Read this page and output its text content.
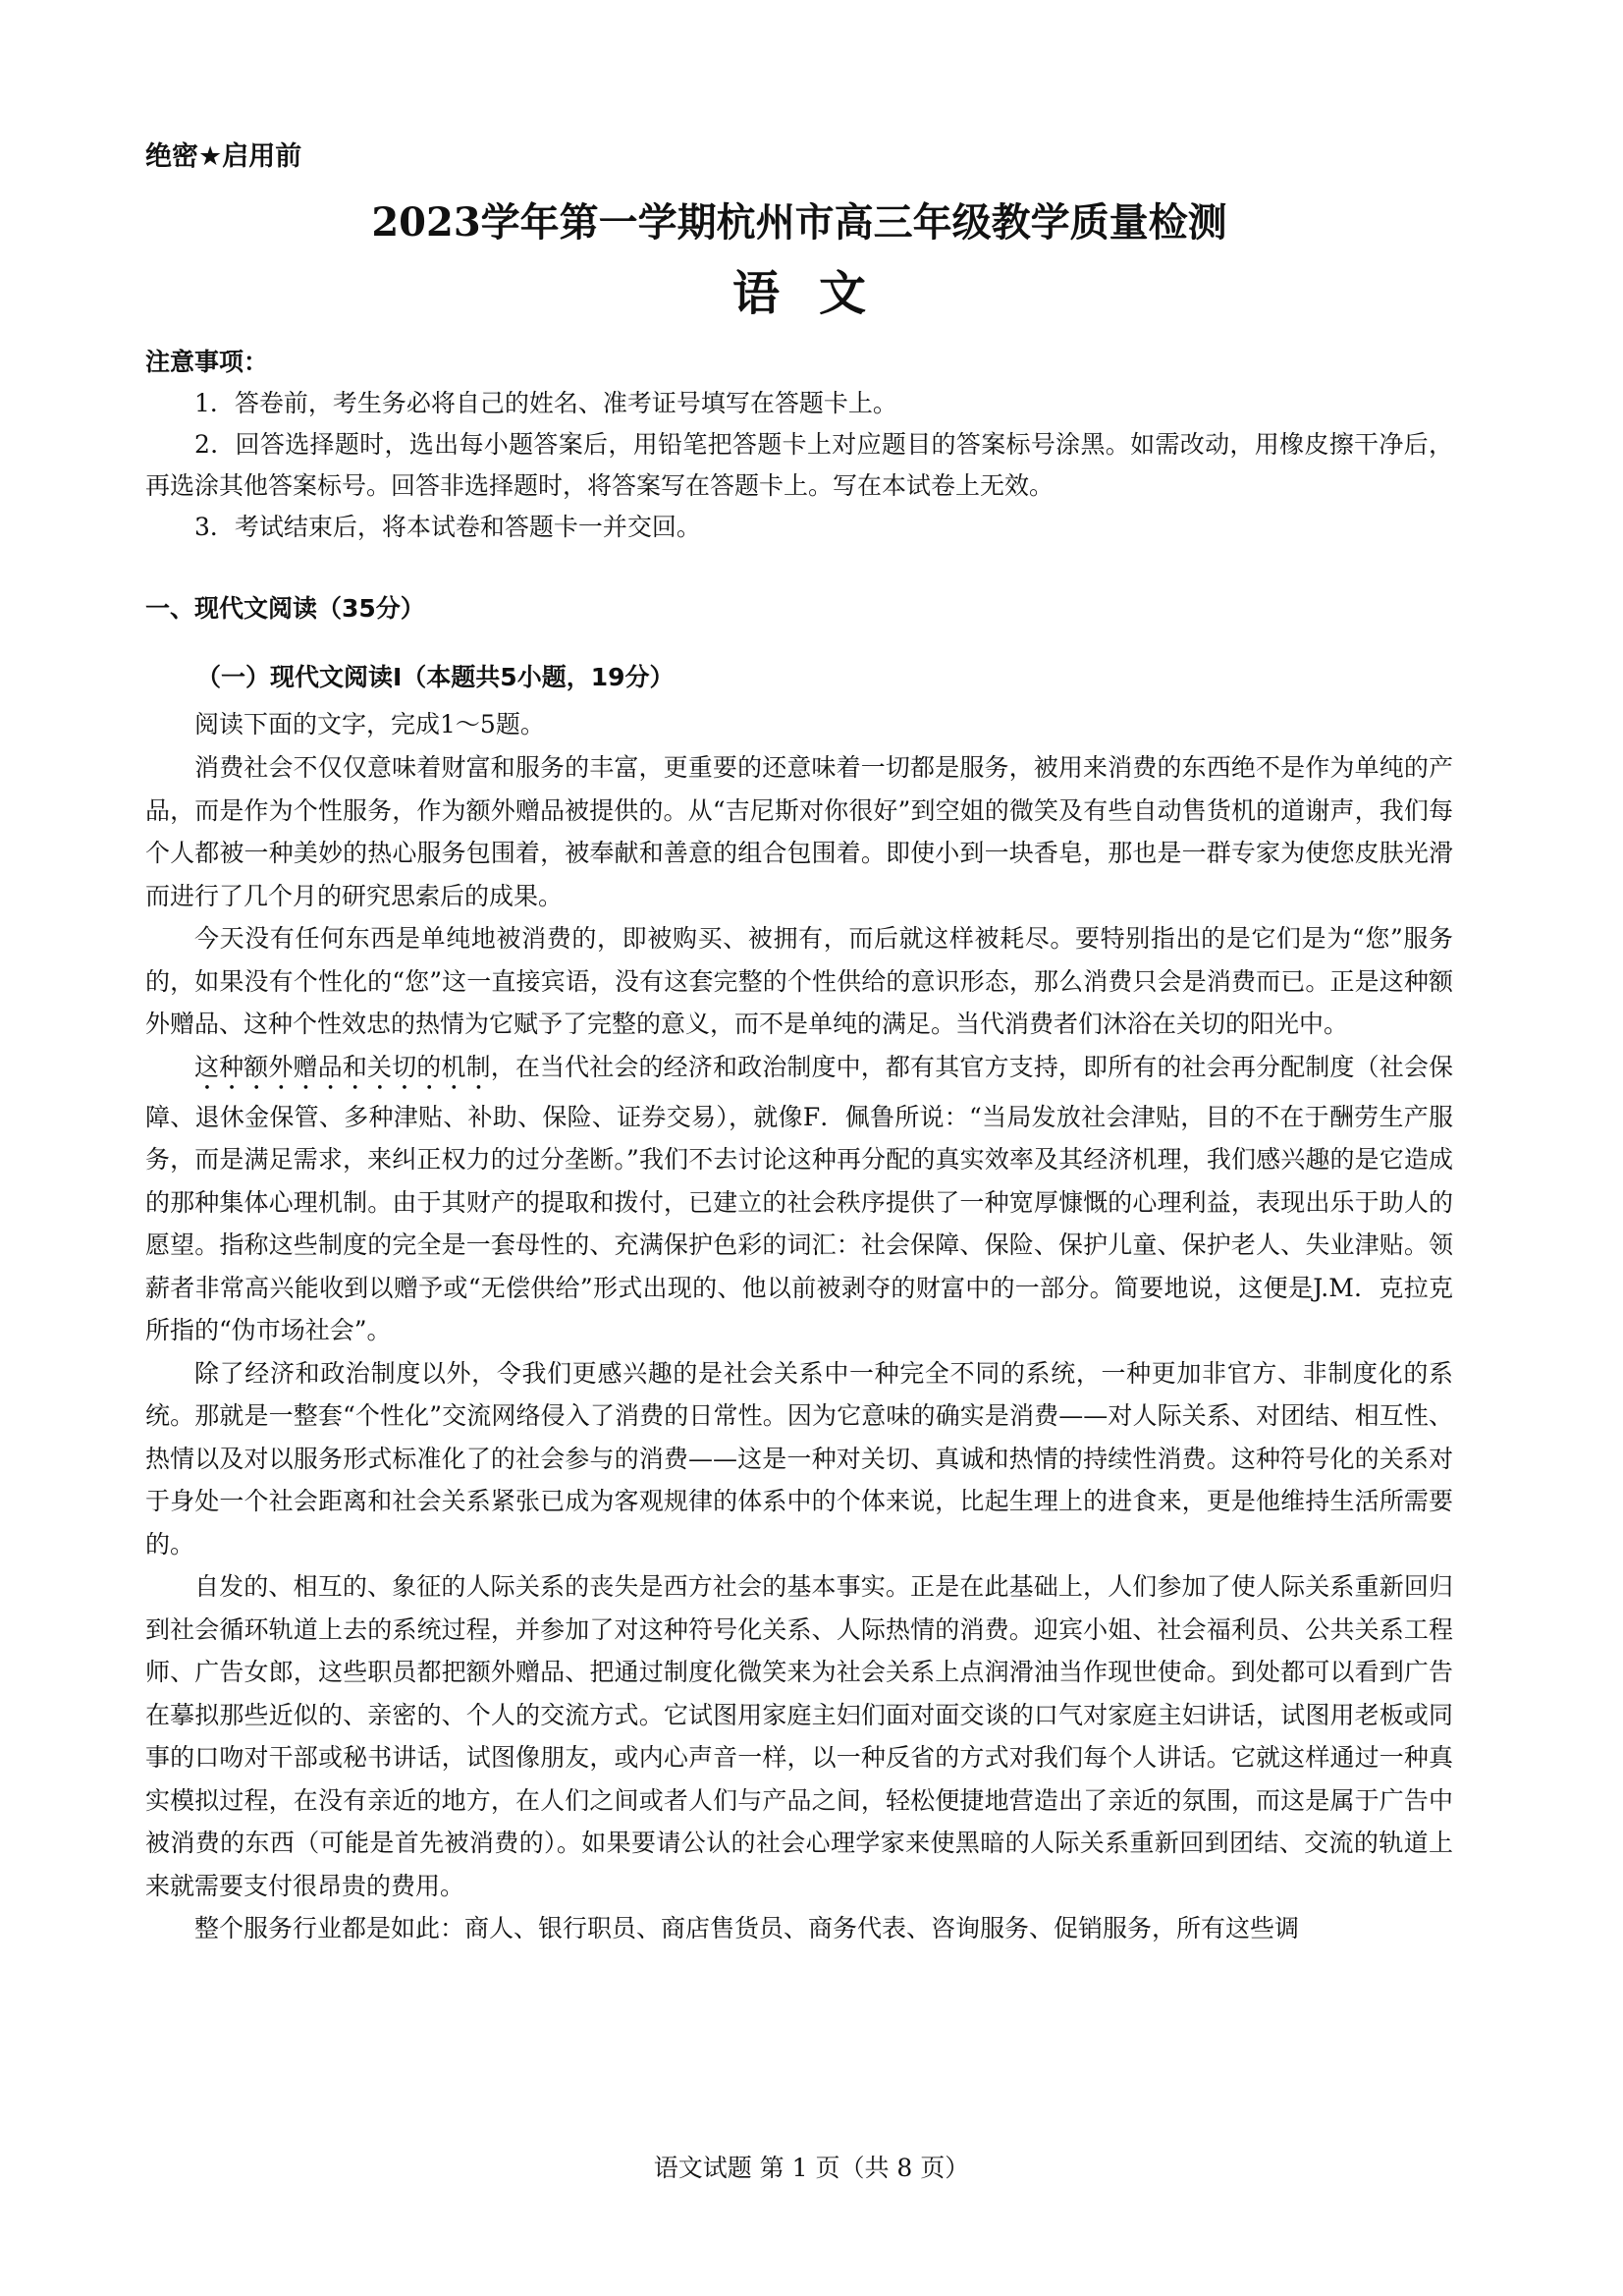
绝密★启用前

2023学年第一学期杭州市高三年级教学质量检测
语文

注意事项：

1．答卷前，考生务必将自己的姓名、准考证号填写在答题卡上。

2．回答选择题时，选出每小题答案后，用铅笔把答题卡上对应题目的答案标号涂黑。如需改动，用橡皮擦干净后，再选涂其他答案标号。回答非选择题时，将答案写在答题卡上。写在本试卷上无效。

3．考试结束后，将本试卷和答题卡一并交回。

一、现代文阅读（35分）

（一）现代文阅读Ⅰ（本题共5小题，19分）

阅读下面的文字，完成1～5题。

消费社会不仅仅意味着财富和服务的丰富，更重要的还意味着一切都是服务，被用来消费的东西绝不是作为单纯的产品，而是作为个性服务，作为额外赠品被提供的。从“吉尼斯对你很好”到空姐的微笑及有些自动售货机的道谢声，我们每个人都被一种美妙的热心服务包围着，被奉献和善意的组合包围着。即使小到一块香皂，那也是一群专家为使您皮肤光滑而进行了几个月的研究思索后的成果。

今天没有任何东西是单纯地被消费的，即被购买、被拥有，而后就这样被耗尽。要特别指出的是它们是为“您”服务的，如果没有个性化的“您”这一直接宾语，没有这套完整的个性供给的意识形态，那么消费只会是消费而已。正是这种额外赠品、这种个性效忠的热情为它赋予了完整的意义，而不是单纯的满足。当代消费者们沐浴在关切的阳光中。

这种额外赠品和关切的机制，在当代社会的经济和政治制度中，都有其官方支持，即所有的社会再分配制度（社会保障、退休金保管、多种津贴、补助、保险、证券交易），就像F．佩鲁所说：“当局发放社会津贴，目的不在于酬劳生产服务，而是满足需求，来纠正权力的过分垄断。”我们不去讨论这种再分配的真实效率及其经济机理，我们感兴趣的是它造成的那种集体心理机制。由于其财产的提取和拨付，已建立的社会秩序提供了一种宽厚慷慨的心理利益，表现出乐于助人的愿望。指称这些制度的完全是一套母性的、充满保护色彩的词汇：社会保障、保险、保护儿童、保护老人、失业津贴。领薪者非常高兴能收到以赠予或“无偿供给”形式出现的、他以前被剥夺的财富中的一部分。简要地说，这便是J.M．克拉克所指的“伪市场社会”。

除了经济和政治制度以外，令我们更感兴趣的是社会关系中一种完全不同的系统，一种更加非官方、非制度化的系统。那就是一整套“个性化”交流网络侵入了消费的日常性。因为它意味的确实是消费——对人际关系、对团结、相互性、热情以及对以服务形式标准化了的社会参与的消费——这是一种对关切、真诚和热情的持续性消费。这种符号化的关系对于身处一个社会距离和社会关系紧张已成为客观规律的体系中的个体来说，比起生理上的进食来，更是他维持生活所需要的。

自发的、相互的、象征的人际关系的丧失是西方社会的基本事实。正是在此基础上，人们参加了使人际关系重新回归到社会循环轨道上去的系统过程，并参加了对这种符号化关系、人际热情的消费。迎宾小姐、社会福利员、公共关系工程师、广告女郎，这些职员都把额外赠品、把通过制度化微笑来为社会关系上点润滑油当作现世使命。到处都可以看到广告在摹拟那些近似的、亲密的、个人的交流方式。它试图用家庭主妇们面对面交谈的口气对家庭主妇讲话，试图用老板或同事的口吻对干部或秘书讲话，试图像朋友，或内心声音一样，以一种反省的方式对我们每个人讲话。它就这样通过一种真实模拟过程，在没有亲近的地方，在人们之间或者人们与产品之间，轻松便捷地营造出了亲近的氛围，而这是属于广告中被消费的东西（可能是首先被消费的）。如果要请公认的社会心理学家来使黑暗的人际关系重新回到团结、交流的轨道上来就需要支付很昂贵的费用。

整个服务行业都是如此：商人、银行职员、商店售货员、商务代表、咨询服务、促销服务，所有这些调

语文试题 第 1 页（共 8 页）
